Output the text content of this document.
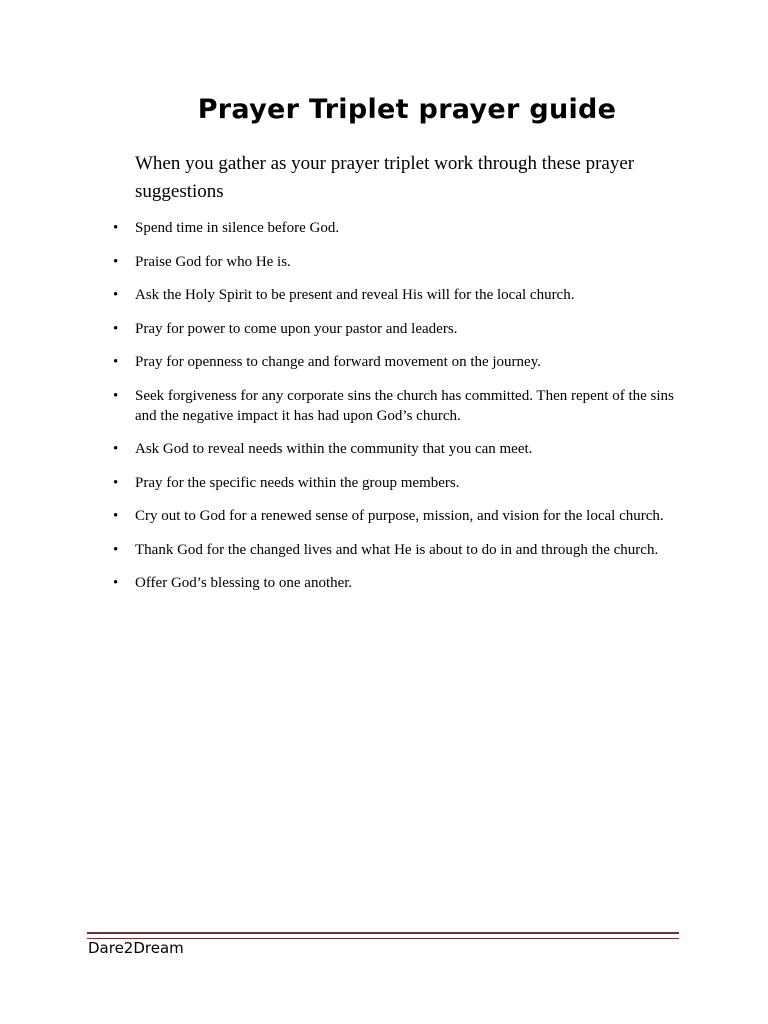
Prayer Triplet prayer guide

When you gather as your prayer triplet work through these prayer suggestions

• Spend time in silence before God.
• Praise God for who He is.
• Ask the Holy Spirit to be present and reveal His will for the local church.
• Pray for power to come upon your pastor and leaders.
• Pray for openness to change and forward movement on the journey.
• Seek forgiveness for any corporate sins the church has committed. Then repent of the sins and the negative impact it has had upon God’s church.
• Ask God to reveal needs within the community that you can meet.
• Pray for the specific needs within the group members.
• Cry out to God for a renewed sense of purpose, mission, and vision for the local church.
• Thank God for the changed lives and what He is about to do in and through the church.
• Offer God’s blessing to one another.

Dare2Dream
